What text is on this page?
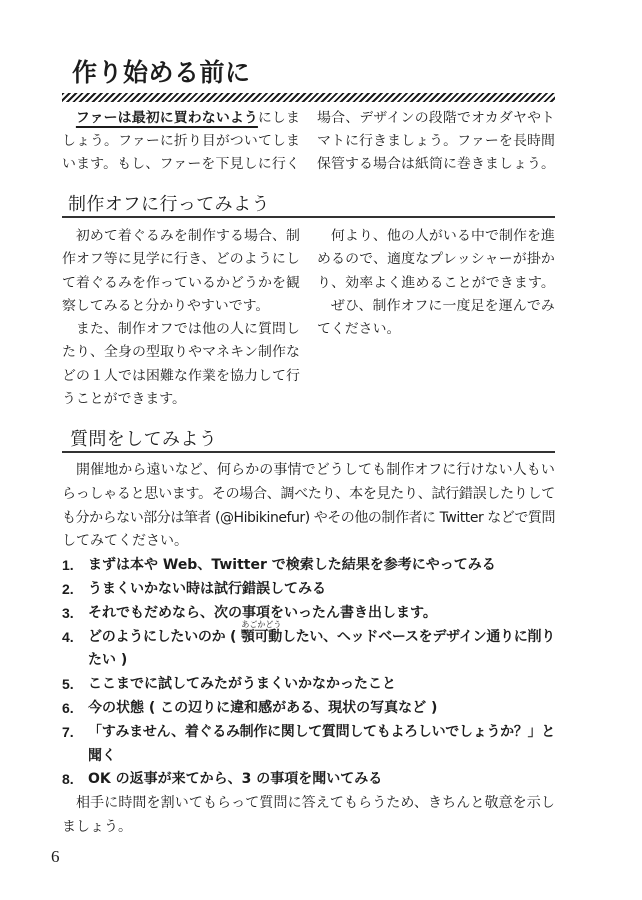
作り始める前に
ファーは最初に買わないようにしま
しょう。ファーに折り目がついてしま
います。もし、ファーを下見しに行く
場合、デザインの段階でオカダヤやト
マトに行きましょう。ファーを長時間
保管する場合は紙筒に巻きましょう。
制作オフに行ってみよう
初めて着ぐるみを制作する場合、制
作オフ等に見学に行き、どのようにし
て着ぐるみを作っているかどうかを観
察してみると分かりやすいです。
また、制作オフでは他の人に質問し
たり、全身の型取りやマネキン制作な
どの１人では困難な作業を協力して行
うことができます。
何より、他の人がいる中で制作を進
めるので、適度なプレッシャーが掛か
り、効率よく進めることができます。
ぜひ、制作オフに一度足を運んでみ
てください。
質問をしてみよう
開催地から遠いなど、何らかの事情でどうしても制作オフに行けない人もい
らっしゃると思います。その場合、調べたり、本を見たり、試行錯誤したりして
も分からない部分は筆者 (@Hibikinefur) やその他の制作者に Twitter などで質問
してみてください。
1.	まずは本や Web、Twitter で検索した結果を参考にやってみる
2.	うまくいかない時は試行錯誤してみる
3.	それでもだめなら、次の事項をいったん書き出します。
4.	どのようにしたいのか ( 顎可動
あごかどう
したい、ヘッドベースをデザイン通りに削り
たい )
5.	ここまでに試してみたがうまくいかなかったこと
6.	今の状態 ( この辺りに違和感がある、現状の写真など )
7.	「すみません、着ぐるみ制作に関して質問してもよろしいでしょうか？」と
聞く
8.	OK の返事が来てから、3 の事項を聞いてみる
相手に時間を割いてもらって質問に答えてもらうため、きちんと敬意を示し
ましょう。
6
